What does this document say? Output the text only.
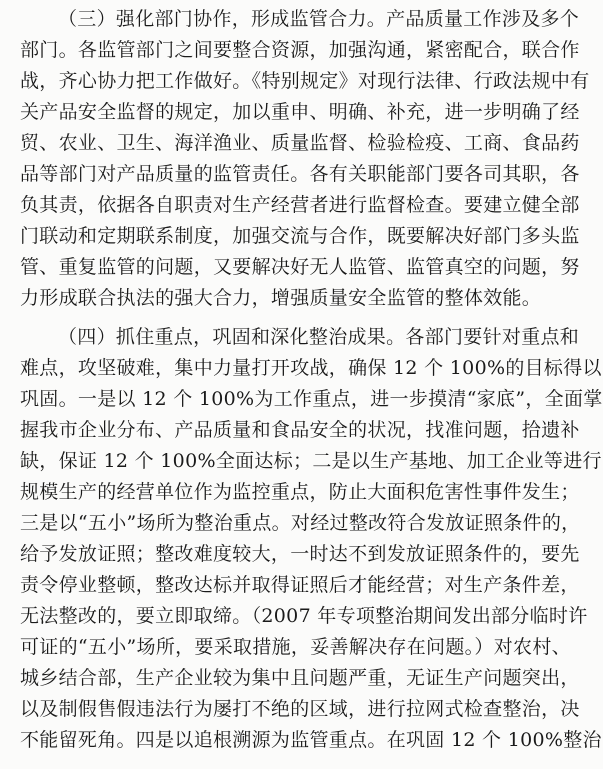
（三）强化部门协作，形成监管合力。产品质量工作涉及多个
部门。各监管部门之间要整合资源，加强沟通，紧密配合，联合作
战，齐心协力把工作做好。《特别规定》对现行法律、行政法规中有
关产品安全监督的规定，加以重申、明确、补充，进一步明确了经
贸、农业、卫生、海洋渔业、质量监督、检验检疫、工商、食品药
品等部门对产品质量的监管责任。各有关职能部门要各司其职，各
负其责，依据各自职责对生产经营者进行监督检查。要建立健全部
门联动和定期联系制度，加强交流与合作，既要解决好部门多头监
管、重复监管的问题，又要解决好无人监管、监管真空的问题，努
力形成联合执法的强大合力，增强质量安全监管的整体效能。
（四）抓住重点，巩固和深化整治成果。各部门要针对重点和
难点，攻坚破难，集中力量打开攻战，确保 12 个 100%的目标得以
巩固。一是以 12 个 100%为工作重点，进一步摸清“家底”，全面掌
握我市企业分布、产品质量和食品安全的状况，找准问题，拾遗补
缺，保证 12 个 100%全面达标；二是以生产基地、加工企业等进行
规模生产的经营单位作为监控重点，防止大面积危害性事件发生；
三是以“五小”场所为整治重点。对经过整改符合发放证照条件的，
给予发放证照；整改难度较大，一时达不到发放证照条件的，要先
责令停业整顿，整改达标并取得证照后才能经营；对生产条件差，
无法整改的，要立即取缔。（2007 年专项整治期间发出部分临时许
可证的“五小”场所，要采取措施，妥善解决存在问题。）对农村、
城乡结合部，生产企业较为集中且问题严重，无证生产问题突出，
以及制假售假违法行为屡打不绝的区域，进行拉网式检查整治，决
不能留死角。四是以追根溯源为监管重点。在巩固 12 个 100%整治
